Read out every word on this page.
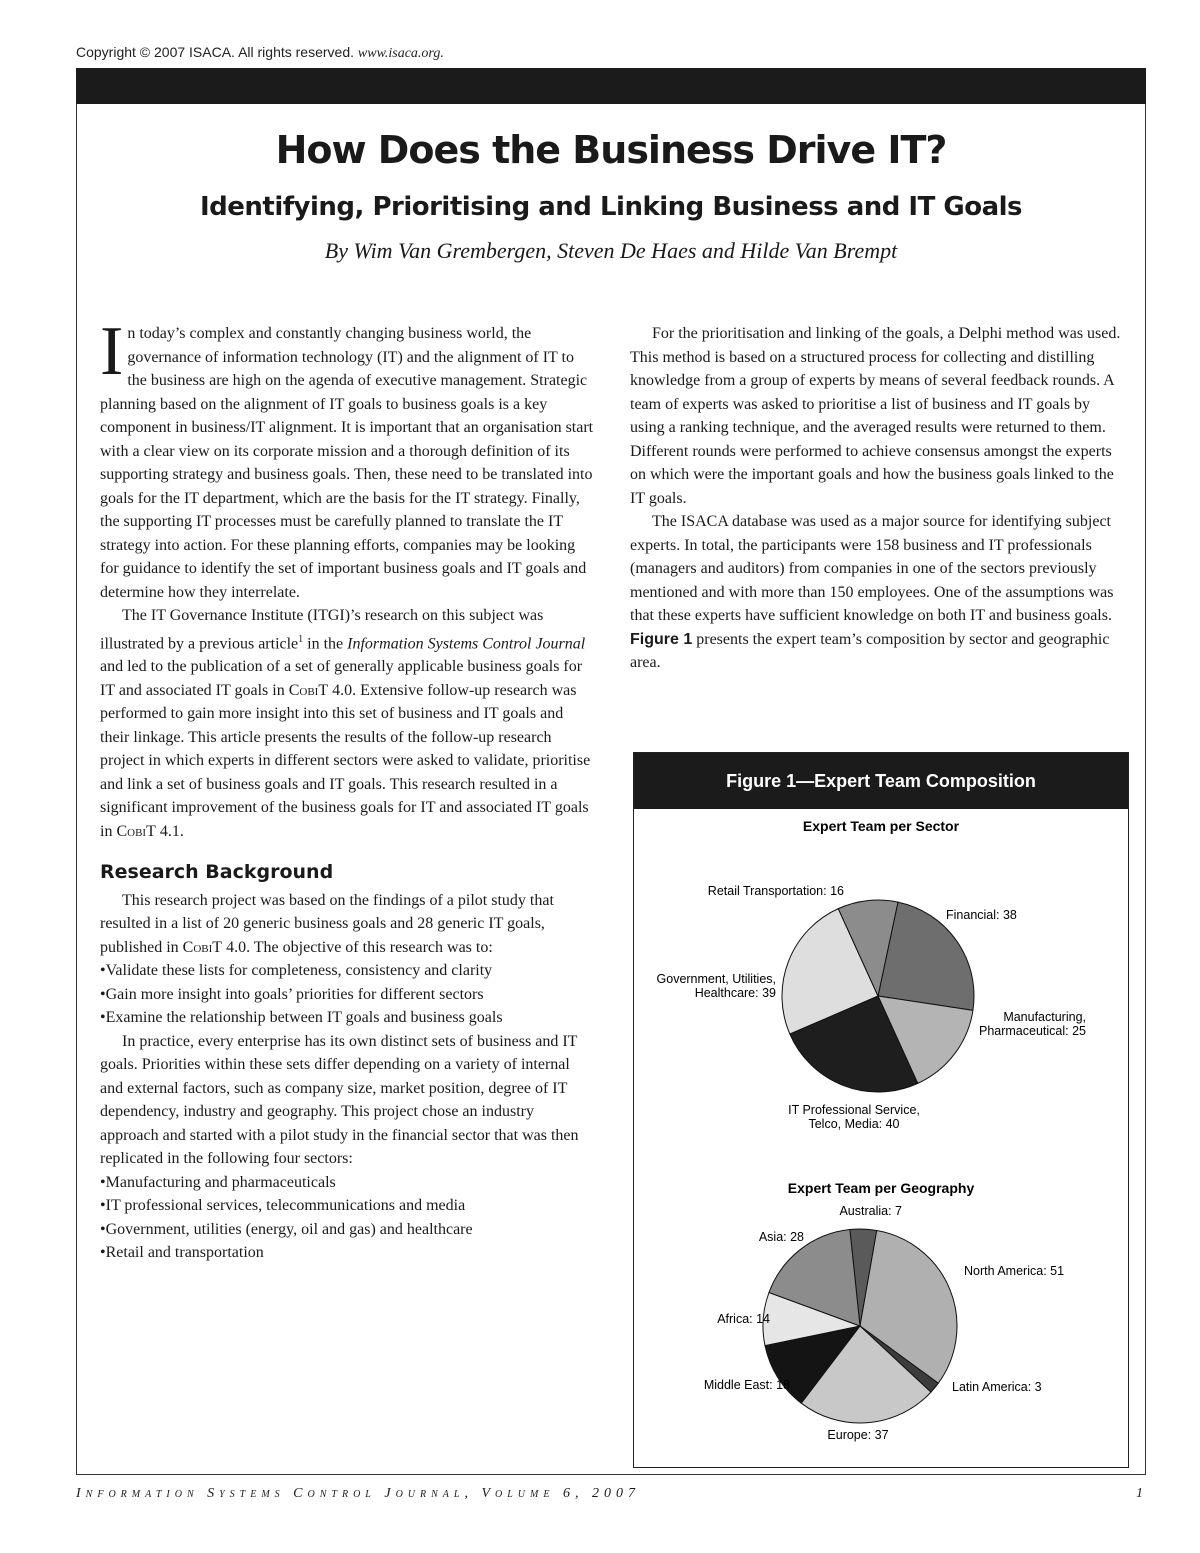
Copyright © 2007 ISACA. All rights reserved. www.isaca.org.
How Does the Business Drive IT?
Identifying, Prioritising and Linking Business and IT Goals
By Wim Van Grembergen, Steven De Haes and Hilde Van Brempt

In today’s complex and constantly changing business world, the governance of information technology (IT) and the alignment of IT to the business are high on the agenda of executive management. Strategic planning based on the alignment of IT goals to business goals is a key component in business/IT alignment. It is important that an organisation start with a clear view on its corporate mission and a thorough definition of its supporting strategy and business goals. Then, these need to be translated into goals for the IT department, which are the basis for the IT strategy. Finally, the supporting IT processes must be carefully planned to translate the IT strategy into action. For these planning efforts, companies may be looking for guidance to identify the set of important business goals and IT goals and determine how they interrelate.

The IT Governance Institute (ITGI)’s research on this subject was illustrated by a previous article$^1$ in the Information Systems Control Journal and led to the publication of a set of generally applicable business goals for IT and associated IT goals in CobiT 4.0. Extensive follow-up research was performed to gain more insight into this set of business and IT goals and their linkage. This article presents the results of the follow-up research project in which experts in different sectors were asked to validate, prioritise and link a set of business goals and IT goals. This research resulted in a significant improvement of the business goals for IT and associated IT goals in CobiT 4.1.

Research Background

This research project was based on the findings of a pilot study that resulted in a list of 20 generic business goals and 28 generic IT goals, published in CobiT 4.0. The objective of this research was to:

• Validate these lists for completeness, consistency and clarity
• Gain more insight into goals’ priorities for different sectors
• Examine the relationship between IT goals and business goals

In practice, every enterprise has its own distinct sets of business and IT goals. Priorities within these sets differ depending on a variety of internal and external factors, such as company size, market position, degree of IT dependency, industry and geography. This project chose an industry approach and started with a pilot study in the financial sector that was then replicated in the following four sectors:

• Manufacturing and pharmaceuticals
• IT professional services, telecommunications and media
• Government, utilities (energy, oil and gas) and healthcare
• Retail and transportation

For the prioritisation and linking of the goals, a Delphi method was used. This method is based on a structured process for collecting and distilling knowledge from a group of experts by means of several feedback rounds. A team of experts was asked to prioritise a list of business and IT goals by using a ranking technique, and the averaged results were returned to them. Different rounds were performed to achieve consensus amongst the experts on which were the important goals and how the business goals linked to the IT goals.

The ISACA database was used as a major source for identifying subject experts. In total, the participants were 158 business and IT professionals (managers and auditors) from companies in one of the sectors previously mentioned and with more than 150 employees. One of the assumptions was that these experts have sufficient knowledge on both IT and business goals. Figure 1 presents the expert team’s composition by sector and geographic area.

Figure 1—Expert Team Composition
Expert Team per Sector
Financial: 38
Manufacturing, Pharmaceutical: 25
IT Professional Service, Telco, Media: 40
Government, Utilities, Healthcare: 39
Retail Transportation: 16
Expert Team per Geography
Australia: 7
North America: 51
Latin America: 3
Europe: 37
Middle East: 18
Africa: 14
Asia: 28
Information Systems Control Journal, Volume 6, 2007	1
